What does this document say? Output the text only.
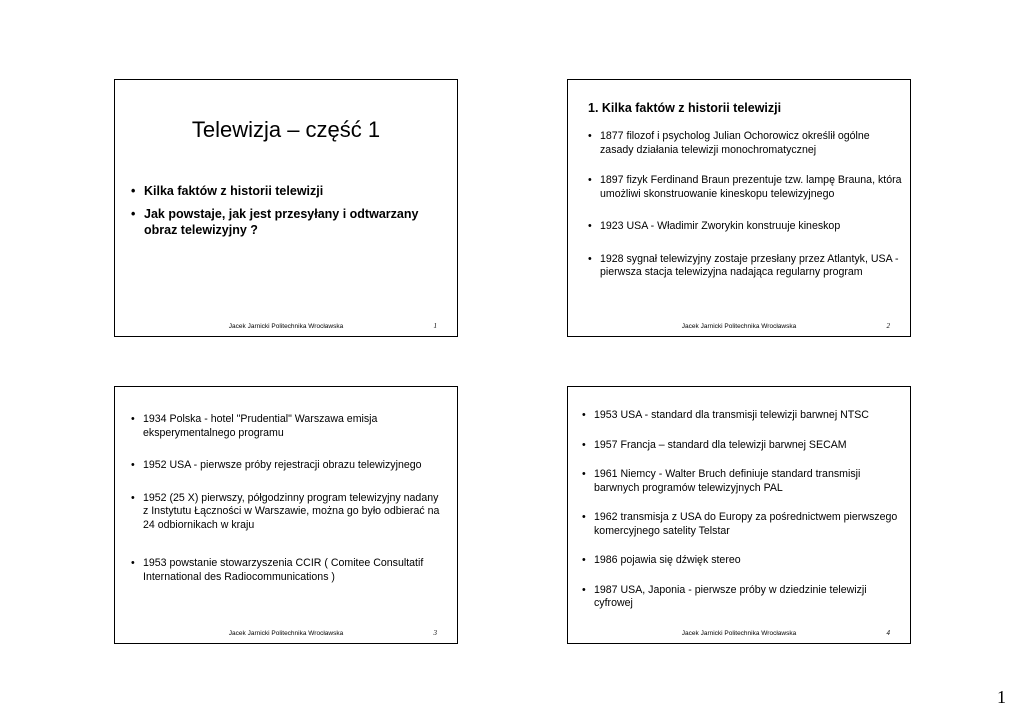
Telewizja – część 1
• Kilka faktów z historii telewizji
• Jak powstaje, jak jest przesyłany i odtwarzany obraz telewizyjny ?
Jacek Jarnicki Politechnika Wrocławska	1
1. Kilka faktów z historii telewizji
• 1877 filozof i psycholog Julian Ochorowicz określił ogólne zasady działania telewizji monochromatycznej
• 1897 fizyk Ferdinand Braun prezentuje tzw. lampę Brauna, która umożliwi skonstruowanie kineskopu telewizyjnego
• 1923 USA - Władimir Zworykin konstruuje kineskop
• 1928 sygnał telewizyjny zostaje przesłany przez Atlantyk, USA - pierwsza stacja telewizyjna nadająca regularny program
Jacek Jarnicki Politechnika Wrocławska	2
• 1934 Polska - hotel "Prudential" Warszawa emisja eksperymentalnego programu
• 1952 USA - pierwsze próby rejestracji obrazu telewizyjnego
• 1952 (25 X) pierwszy, półgodzinny program telewizyjny nadany z Instytutu Łączności w Warszawie, można go było odbierać na 24 odbiornikach w kraju
• 1953 powstanie stowarzyszenia CCIR ( Comitee Consultatif International des Radiocommunications )
Jacek Jarnicki Politechnika Wrocławska	3
• 1953 USA - standard dla transmisji telewizji barwnej NTSC
• 1957 Francja – standard dla telewizji barwnej SECAM
• 1961 Niemcy - Walter Bruch definiuje standard transmisji barwnych programów telewizyjnych PAL
• 1962 transmisja z USA do Europy za pośrednictwem pierwszego komercyjnego satelity Telstar
• 1986 pojawia się dźwięk stereo
• 1987 USA, Japonia - pierwsze próby w dziedzinie telewizji cyfrowej
Jacek Jarnicki Politechnika Wrocławska	4
1
